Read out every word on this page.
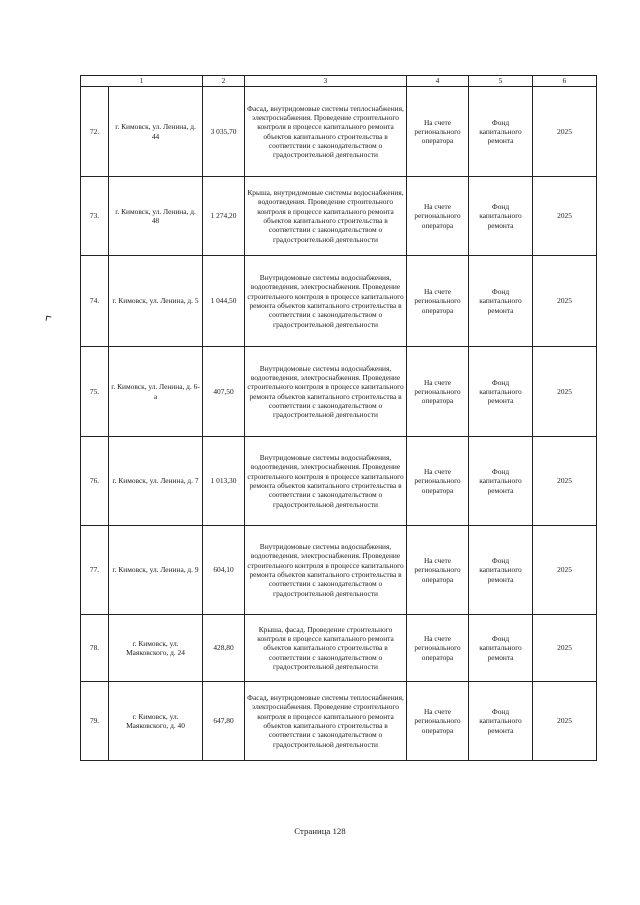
1		2	3	4	5	6
72.	г. Кимовск, ул. Ленина, д. 44	3 035,70	Фасад, внутридомовые системы теплоснабжения, электроснабжения. Проведение строительного контроля в процессе капитального ремонта объектов капитального строительства в соответствии с законодательством о градостроительной деятельности	На счете регионального оператора	Фонд капитального ремонта	2025
73.	г. Кимовск, ул. Ленина, д. 48	1 274,20	Крыша, внутридомовые системы водоснабжения, водоотведения. Проведение строительного контроля в процессе капитального ремонта объектов капитального строительства в соответствии с законодательством о градостроительной деятельности	На счете регионального оператора	Фонд капитального ремонта	2025
74.	г. Кимовск, ул. Ленина, д. 5	1 044,50	Внутридомовые системы водоснабжения, водоотведения, электроснабжения. Проведение строительного контроля в процессе капитального ремонта объектов капитального строительства в соответствии с законодательством о градостроительной деятельности	На счете регионального оператора	Фонд капитального ремонта	2025
75.	г. Кимовск, ул. Ленина, д. 6-а	407,50	Внутридомовые системы водоснабжения, водоотведения, электроснабжения. Проведение строительного контроля в процессе капитального ремонта объектов капитального строительства в соответствии с законодательством о градостроительной деятельности	На счете регионального оператора	Фонд капитального ремонта	2025
76.	г. Кимовск, ул. Ленина, д. 7	1 013,30	Внутридомовые системы водоснабжения, водоотведения, электроснабжения. Проведение строительного контроля в процессе капитального ремонта объектов капитального строительства в соответствии с законодательством о градостроительной деятельности	На счете регионального оператора	Фонд капитального ремонта	2025
77.	г. Кимовск, ул. Ленина, д. 9	604,10	Внутридомовые системы водоснабжения, водоотведения, электроснабжения. Проведение строительного контроля в процессе капитального ремонта объектов капитального строительства в соответствии с законодательством о градостроительной деятельности	На счете регионального оператора	Фонд капитального ремонта	2025
78.	г. Кимовск, ул. Маяковского, д. 24	428,80	Крыша, фасад. Проведение строительного контроля в процессе капитального ремонта объектов капитального строительства в соответствии с законодательством о градостроительной деятельности	На счете регионального оператора	Фонд капитального ремонта	2025
79.	г. Кимовск, ул. Маяковского, д. 40	647,80	Фасад, внутридомовые системы теплоснабжения, электроснабжения. Проведение строительного контроля в процессе капитального ремонта объектов капитального строительства в соответствии с законодательством о градостроительной деятельности	На счете регионального оператора	Фонд капитального ремонта	2025
Страница 128
